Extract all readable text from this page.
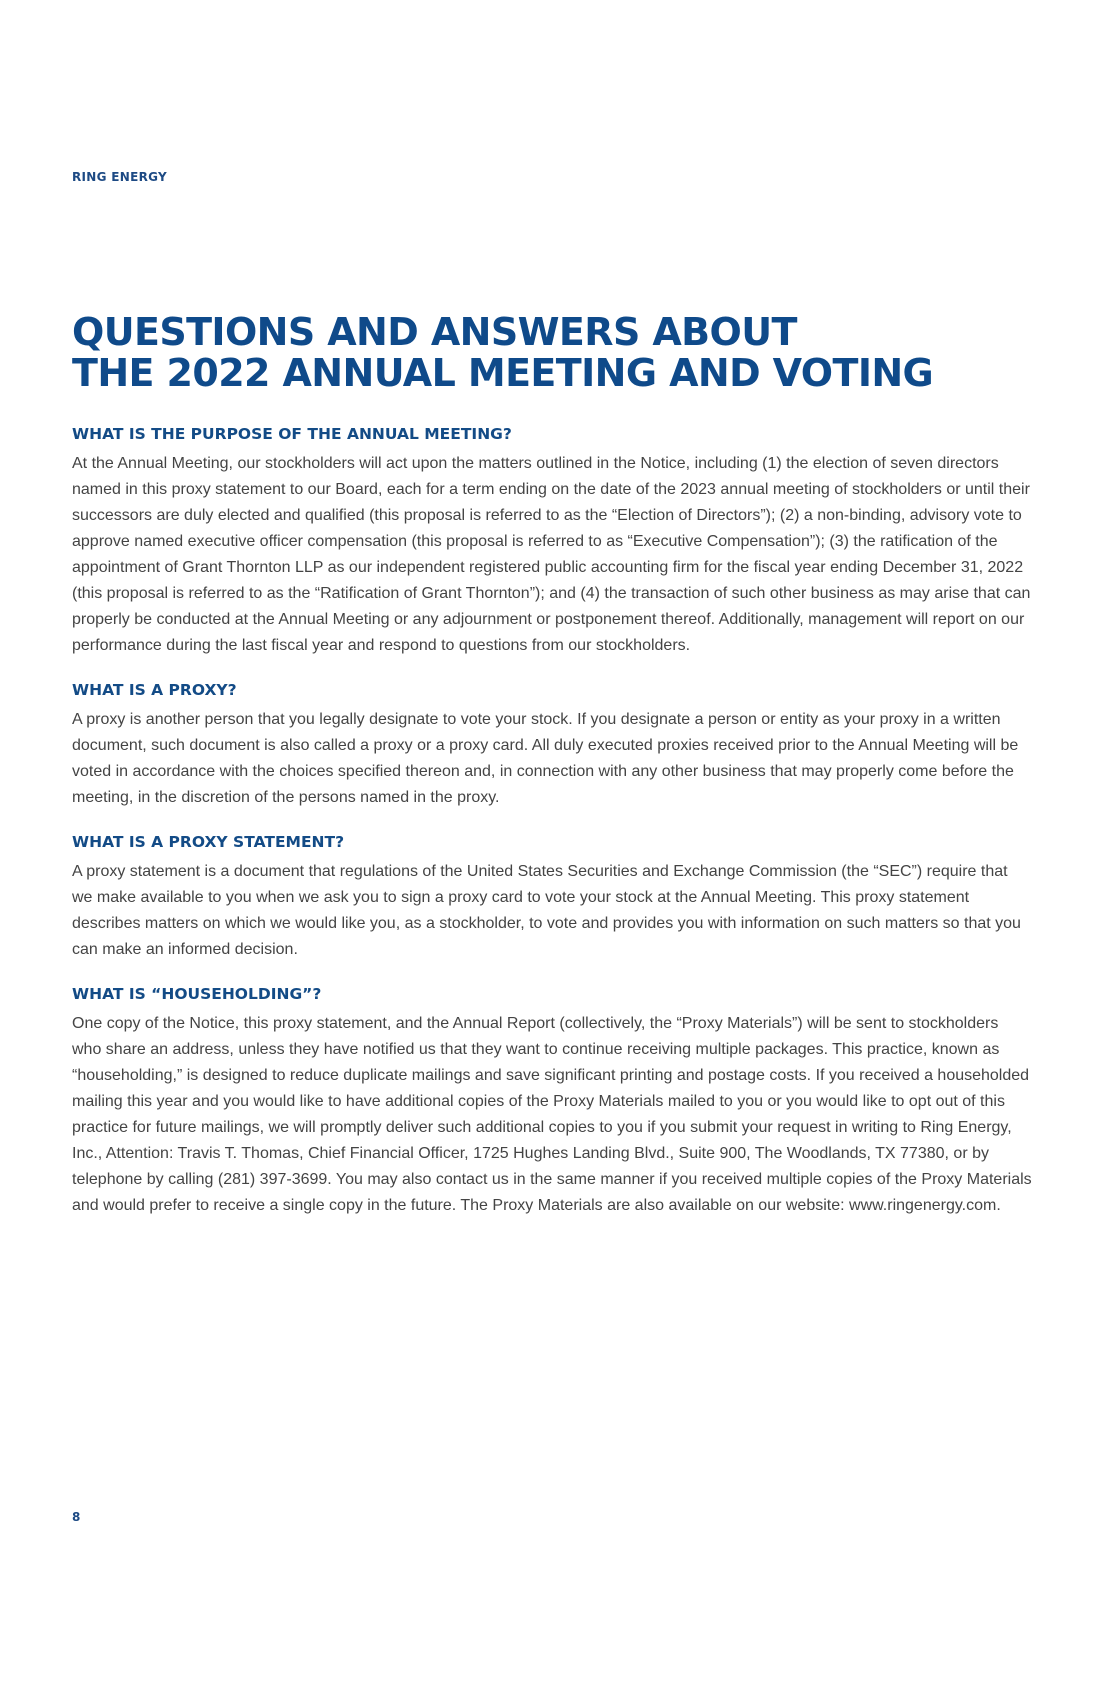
RING ENERGY
QUESTIONS AND ANSWERS ABOUT
THE 2022 ANNUAL MEETING AND VOTING
WHAT IS THE PURPOSE OF THE ANNUAL MEETING?

At the Annual Meeting, our stockholders will act upon the matters outlined in the Notice, including (1) the election of seven directors named in this proxy statement to our Board, each for a term ending on the date of the 2023 annual meeting of stockholders or until their successors are duly elected and qualified (this proposal is referred to as the “Election of Directors”); (2) a non-binding, advisory vote to approve named executive officer compensation (this proposal is referred to as “Executive Compensation”); (3) the ratification of the appointment of Grant Thornton LLP as our independent registered public accounting firm for the fiscal year ending December 31, 2022 (this proposal is referred to as the “Ratification of Grant Thornton”); and (4) the transaction of such other business as may arise that can properly be conducted at the Annual Meeting or any adjournment or postponement thereof. Additionally, management will report on our performance during the last fiscal year and respond to questions from our stockholders.

WHAT IS A PROXY?

A proxy is another person that you legally designate to vote your stock. If you designate a person or entity as your proxy in a written document, such document is also called a proxy or a proxy card. All duly executed proxies received prior to the Annual Meeting will be voted in accordance with the choices specified thereon and, in connection with any other business that may properly come before the meeting, in the discretion of the persons named in the proxy.

WHAT IS A PROXY STATEMENT?

A proxy statement is a document that regulations of the United States Securities and Exchange Commission (the “SEC”) require that we make available to you when we ask you to sign a proxy card to vote your stock at the Annual Meeting. This proxy statement describes matters on which we would like you, as a stockholder, to vote and provides you with information on such matters so that you can make an informed decision.

WHAT IS “HOUSEHOLDING”?

One copy of the Notice, this proxy statement, and the Annual Report (collectively, the “Proxy Materials”) will be sent to stockholders who share an address, unless they have notified us that they want to continue receiving multiple packages. This practice, known as “householding,” is designed to reduce duplicate mailings and save significant printing and postage costs. If you received a householded mailing this year and you would like to have additional copies of the Proxy Materials mailed to you or you would like to opt out of this practice for future mailings, we will promptly deliver such additional copies to you if you submit your request in writing to Ring Energy, Inc., Attention: Travis T. Thomas, Chief Financial Officer, 1725 Hughes Landing Blvd., Suite 900, The Woodlands, TX 77380, or by telephone by calling (281) 397-3699. You may also contact us in the same manner if you received multiple copies of the Proxy Materials and would prefer to receive a single copy in the future. The Proxy Materials are also available on our website: www.ringenergy.com.

8
